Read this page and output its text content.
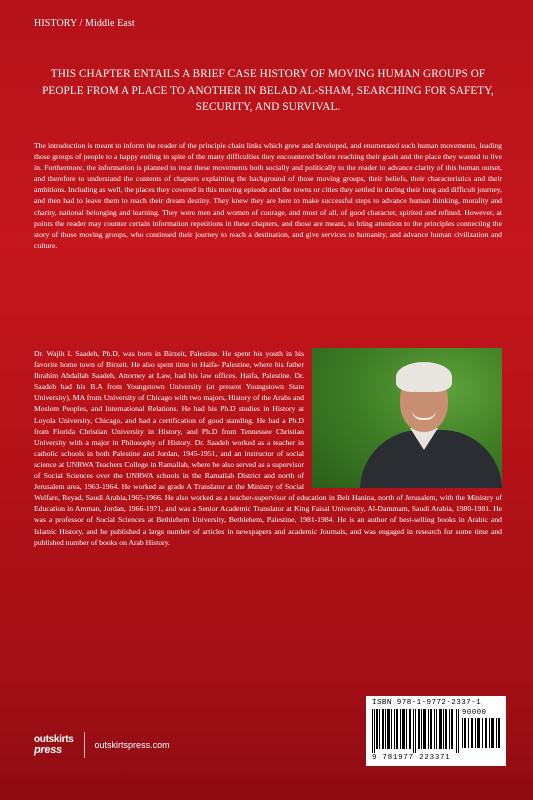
HISTORY / Middle East
THIS CHAPTER ENTAILS A BRIEF CASE HISTORY OF MOVING HUMAN GROUPS OF PEOPLE FROM A PLACE TO ANOTHER IN BELAD AL-SHAM, SEARCHING FOR SAFETY, SECURITY, AND SURVIVAL.
The introduction is meant to inform the reader of the principle chain links which grew and developed, and enumerated such human movements, leading those groups of people to a happy ending in spite of the many difficulties they encountered before reaching their goals and the place they wanted to live in. Furthermore, the information is planned to treat these movements both socially and politically to the reader to advance clarity of this human outset, and therefore to understand the contents of chapters explaining the background of those moving groups, their beliefs, their characteristics and their ambitions. Including as well, the places they covered in this moving episode and the towns or cities they settled in during their long and difficult journey, and then had to leave them to reach their dream destiny. They knew they are here to make successful steps to advance human thinking, morality and charity, national belonging and learning. They were men and women of courage, and most of all, of good character, spirited and refined. However, at points the reader may counter certain information repetitions in these chapters, and those are meant, to bring attention to the principles connecting the story of those moving groups, who continued their journey to reach a destination, and give services to humanity, and advance human civilization and culture.
Dr. Wajih I. Saadeh, Ph.D, was born in Birzeit, Palestine. He spent his youth in his favorite home town of Birzeit. He also spent time in Haifa- Palestine, where his father Ibrahim Abdallah Saadeh, Attorney at Law, had his law offices. Haifa, Palestine. Dr. Saadeh had his B.A from Youngstown University (at present Youngstown State University), MA from University of Chicago with two majors, History of the Arabs and Moslem Peoples, and International Relations. He had his Ph.D studies in History at Loyola University, Chicago, and had a certification of good standing. He had a Ph.D from Florida Christian University in History, and Ph.D from Tennessee Christian University with a major in Philosophy of History. Dr. Saadeh worked as a teacher in catholic schools in both Palestine and Jordan, 1945-1951, and an instructor of social science at UNRWA Teachers College in Ramallah, where he also served as a supervisor of Social Sciences over the UNRWA schools in the Ramallah District and north of Jerusalem area, 1963-1964. He worked as grade A Translator at the Ministry of Social Welfare, Reyad, Saudi Arabia,1965-1966. He also worked as a teacher-supervisor of education in Beit Hanina, north of Jerusalem, with the Ministry of Education in Amman, Jordan, 1966-1971, and was a Senior Academic Translator at King Faisal University, Al-Dammam, Saudi Arabia, 1980-1981. He was a professor of Social Sciences at Bethlehem University, Bethlehem, Palestine, 1981-1984. He is an author of best-selling books in Arabic and Islamic History, and he published a large number of articles in newspapers and academic Journals, and was engaged in research for some time and published number of books on Arab History.
ISBN 978-1-9772-2337-1
90000
9 781977 223371
outskirts
press	outskirtspress.com
